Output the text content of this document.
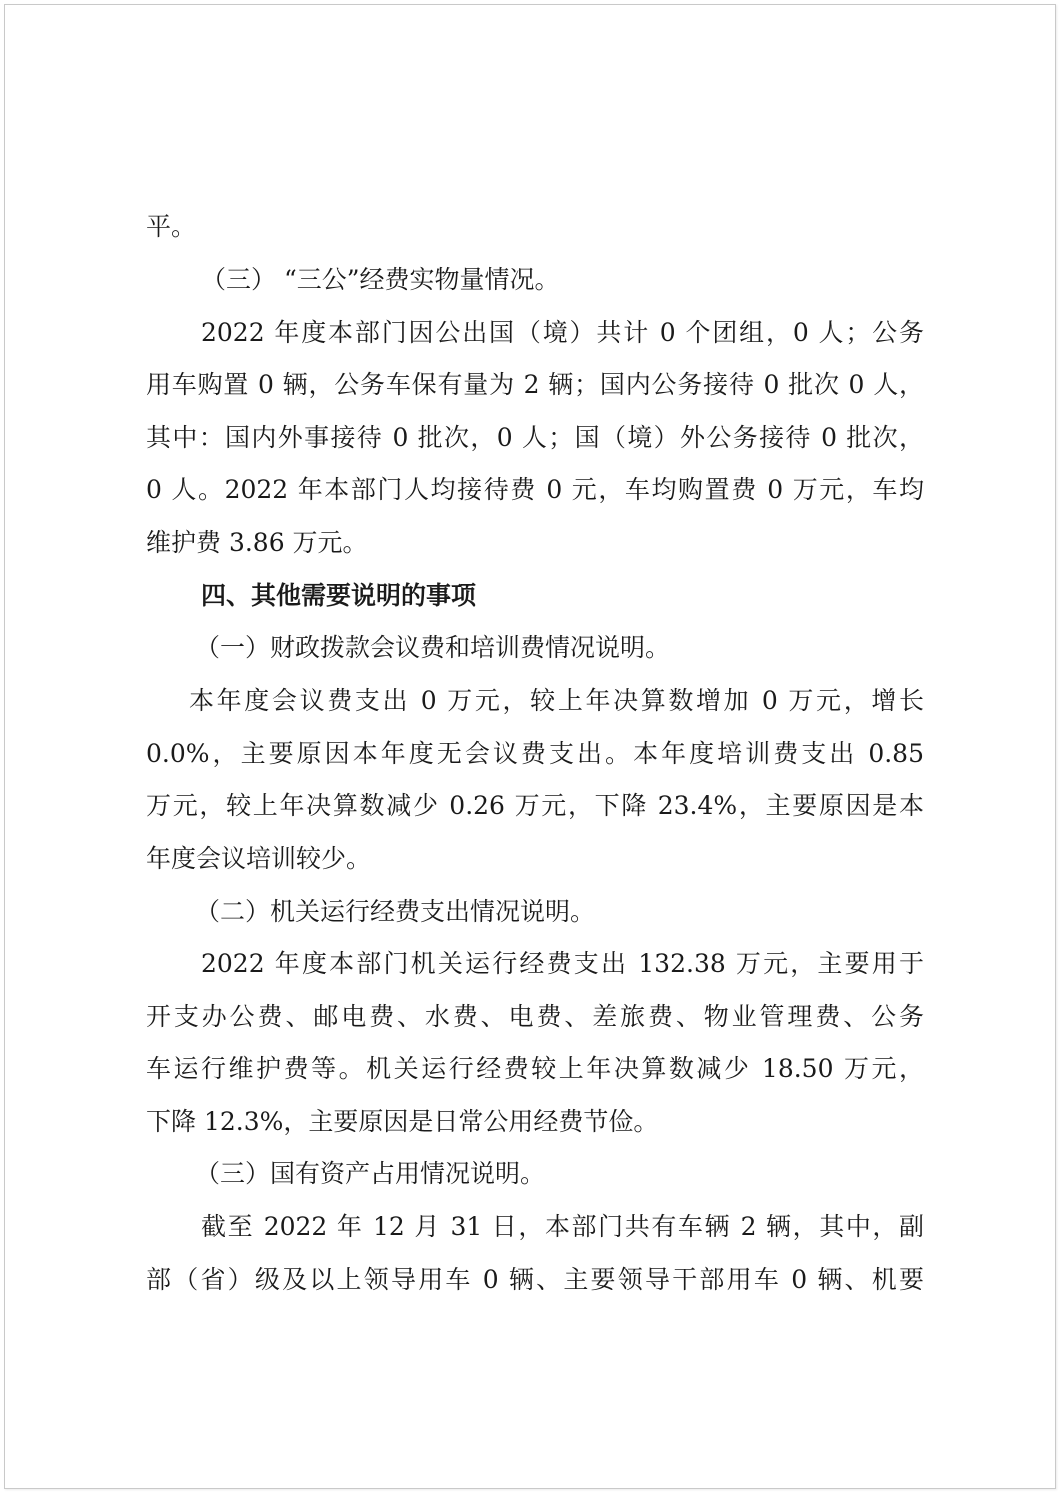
平。
（三） “三公”经费实物量情况。
2022 年度本部门因公出国（境）共计 0 个团组，0 人；公务
用车购置 0 辆，公务车保有量为 2 辆；国内公务接待 0 批次 0 人，
其中：国内外事接待 0 批次，0 人；国（境）外公务接待 0 批次，
0 人。2022 年本部门人均接待费 0 元，车均购置费 0 万元，车均
维护费 3.86 万元。
四、其他需要说明的事项
（一）财政拨款会议费和培训费情况说明。
本年度会议费支出 0 万元，较上年决算数增加 0 万元，增长
0.0%，主要原因本年度无会议费支出。本年度培训费支出 0.85
万元，较上年决算数减少 0.26 万元，下降 23.4%，主要原因是本
年度会议培训较少。
（二）机关运行经费支出情况说明。
2022 年度本部门机关运行经费支出 132.38 万元，主要用于
开支办公费、邮电费、水费、电费、差旅费、物业管理费、公务
车运行维护费等。机关运行经费较上年决算数减少 18.50 万元，
下降 12.3%，主要原因是日常公用经费节俭。
（三）国有资产占用情况说明。
截至 2022 年 12 月 31 日，本部门共有车辆 2 辆，其中，副
部（省）级及以上领导用车 0 辆、主要领导干部用车 0 辆、机要
